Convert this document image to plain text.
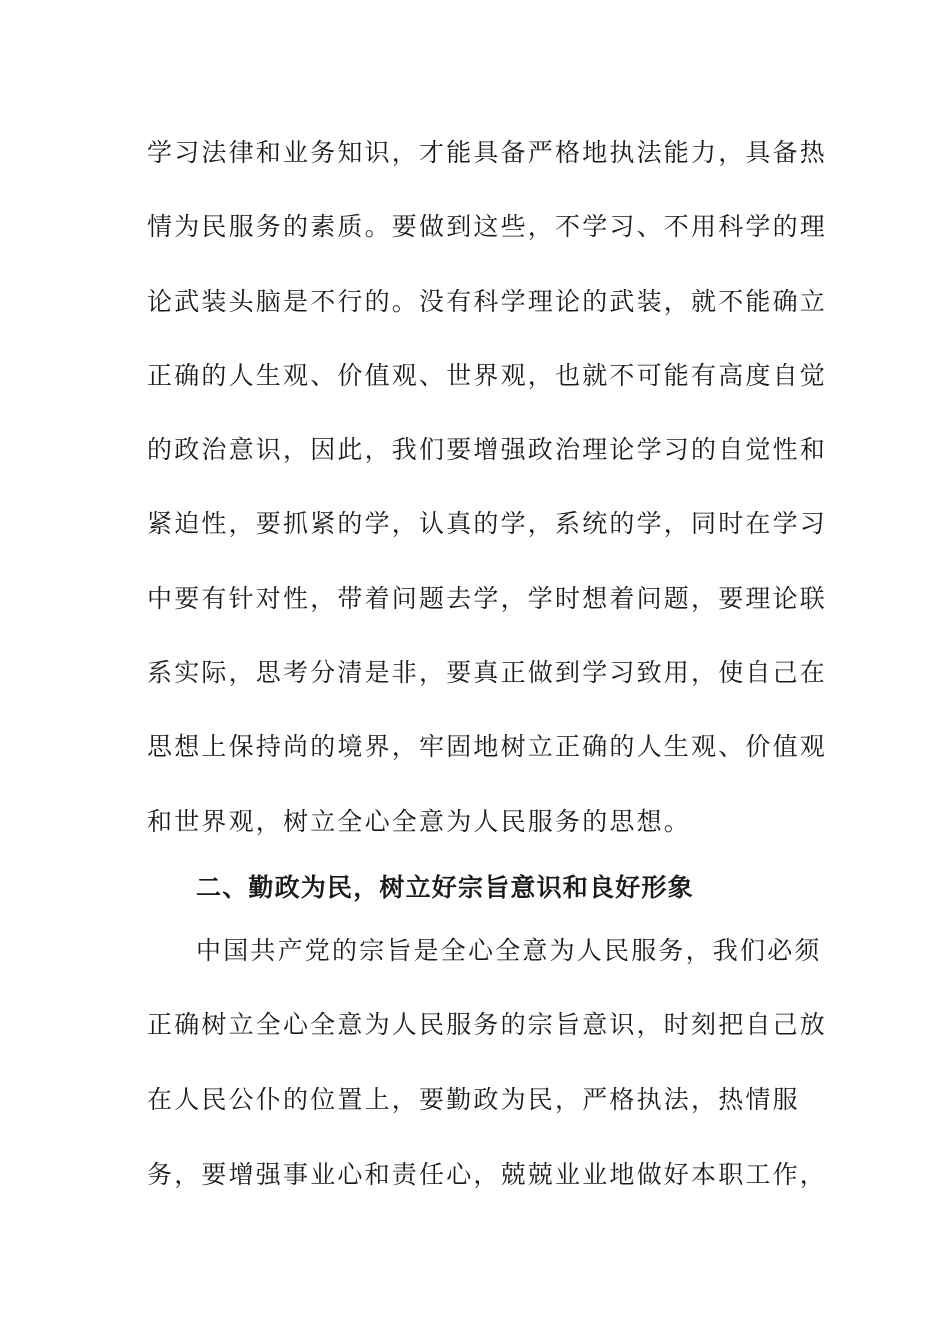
学习法律和业务知识，才能具备严格地执法能力，具备热
情为民服务的素质。要做到这些，不学习、不用科学的理
论武装头脑是不行的。没有科学理论的武装，就不能确立
正确的人生观、价值观、世界观，也就不可能有高度自觉
的政治意识，因此，我们要增强政治理论学习的自觉性和
紧迫性，要抓紧的学，认真的学，系统的学，同时在学习
中要有针对性，带着问题去学，学时想着问题，要理论联
系实际，思考分清是非，要真正做到学习致用，使自己在
思想上保持尚的境界，牢固地树立正确的人生观、价值观
和世界观，树立全心全意为人民服务的思想。
二、勤政为民，树立好宗旨意识和良好形象
中国共产党的宗旨是全心全意为人民服务，我们必须
正确树立全心全意为人民服务的宗旨意识，时刻把自己放
在人民公仆的位置上，要勤政为民，严格执法，热情服
务，要增强事业心和责任心，兢兢业业地做好本职工作，
